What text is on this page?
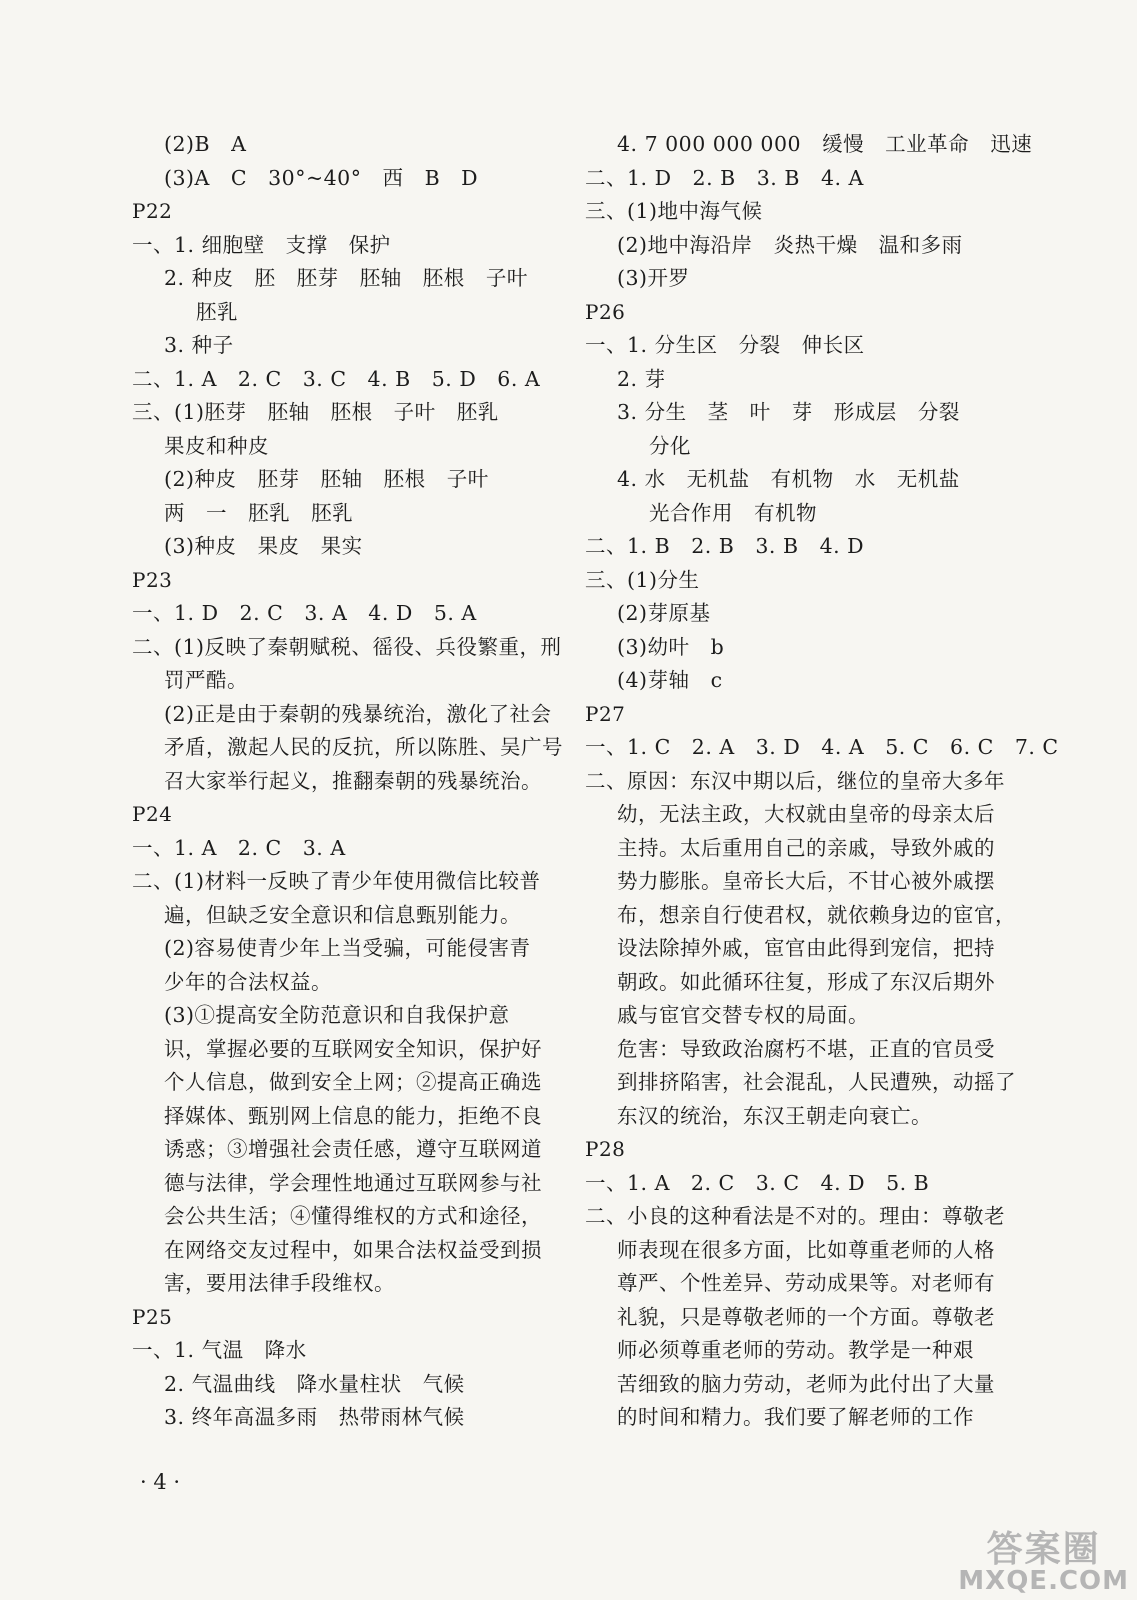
(2)B   A
(3)A   C   30°~40°   西   B   D
P22
一、1. 细胞壁   支撑   保护
2. 种皮   胚   胚芽   胚轴   胚根   子叶
胚乳
3. 种子
二、1. A   2. C   3. C   4. B   5. D   6. A
三、(1)胚芽   胚轴   胚根   子叶   胚乳
果皮和种皮
(2)种皮   胚芽   胚轴   胚根   子叶
两   一   胚乳   胚乳
(3)种皮   果皮   果实
P23
一、1. D   2. C   3. A   4. D   5. A
二、(1)反映了秦朝赋税、徭役、兵役繁重，刑
罚严酷。
(2)正是由于秦朝的残暴统治，激化了社会
矛盾，激起人民的反抗，所以陈胜、吴广号
召大家举行起义，推翻秦朝的残暴统治。
P24
一、1. A   2. C   3. A
二、(1)材料一反映了青少年使用微信比较普
遍，但缺乏安全意识和信息甄别能力。
(2)容易使青少年上当受骗，可能侵害青
少年的合法权益。
(3)①提高安全防范意识和自我保护意
识，掌握必要的互联网安全知识，保护好
个人信息，做到安全上网；②提高正确选
择媒体、甄别网上信息的能力，拒绝不良
诱惑；③增强社会责任感，遵守互联网道
德与法律，学会理性地通过互联网参与社
会公共生活；④懂得维权的方式和途径，
在网络交友过程中，如果合法权益受到损
害，要用法律手段维权。
P25
一、1. 气温   降水
2. 气温曲线   降水量柱状   气候
3. 终年高温多雨   热带雨林气候
4. 7 000 000 000   缓慢   工业革命   迅速
二、1. D   2. B   3. B   4. A
三、(1)地中海气候
(2)地中海沿岸   炎热干燥   温和多雨
(3)开罗
P26
一、1. 分生区   分裂   伸长区
2. 芽
3. 分生   茎   叶   芽   形成层   分裂
分化
4. 水   无机盐   有机物   水   无机盐
光合作用   有机物
二、1. B   2. B   3. B   4. D
三、(1)分生
(2)芽原基
(3)幼叶   b
(4)芽轴   c
P27
一、1. C   2. A   3. D   4. A   5. C   6. C   7. C
二、原因：东汉中期以后，继位的皇帝大多年
幼，无法主政，大权就由皇帝的母亲太后
主持。太后重用自己的亲戚，导致外戚的
势力膨胀。皇帝长大后，不甘心被外戚摆
布，想亲自行使君权，就依赖身边的宦官，
设法除掉外戚，宦官由此得到宠信，把持
朝政。如此循环往复，形成了东汉后期外
戚与宦官交替专权的局面。
危害：导致政治腐朽不堪，正直的官员受
到排挤陷害，社会混乱，人民遭殃，动摇了
东汉的统治，东汉王朝走向衰亡。
P28
一、1. A   2. C   3. C   4. D   5. B
二、小良的这种看法是不对的。理由：尊敬老
师表现在很多方面，比如尊重老师的人格
尊严、个性差异、劳动成果等。对老师有
礼貌，只是尊敬老师的一个方面。尊敬老
师必须尊重老师的劳动。教学是一种艰
苦细致的脑力劳动，老师为此付出了大量
的时间和精力。我们要了解老师的工作
· 4 ·
答案圈
MXQE.COM
